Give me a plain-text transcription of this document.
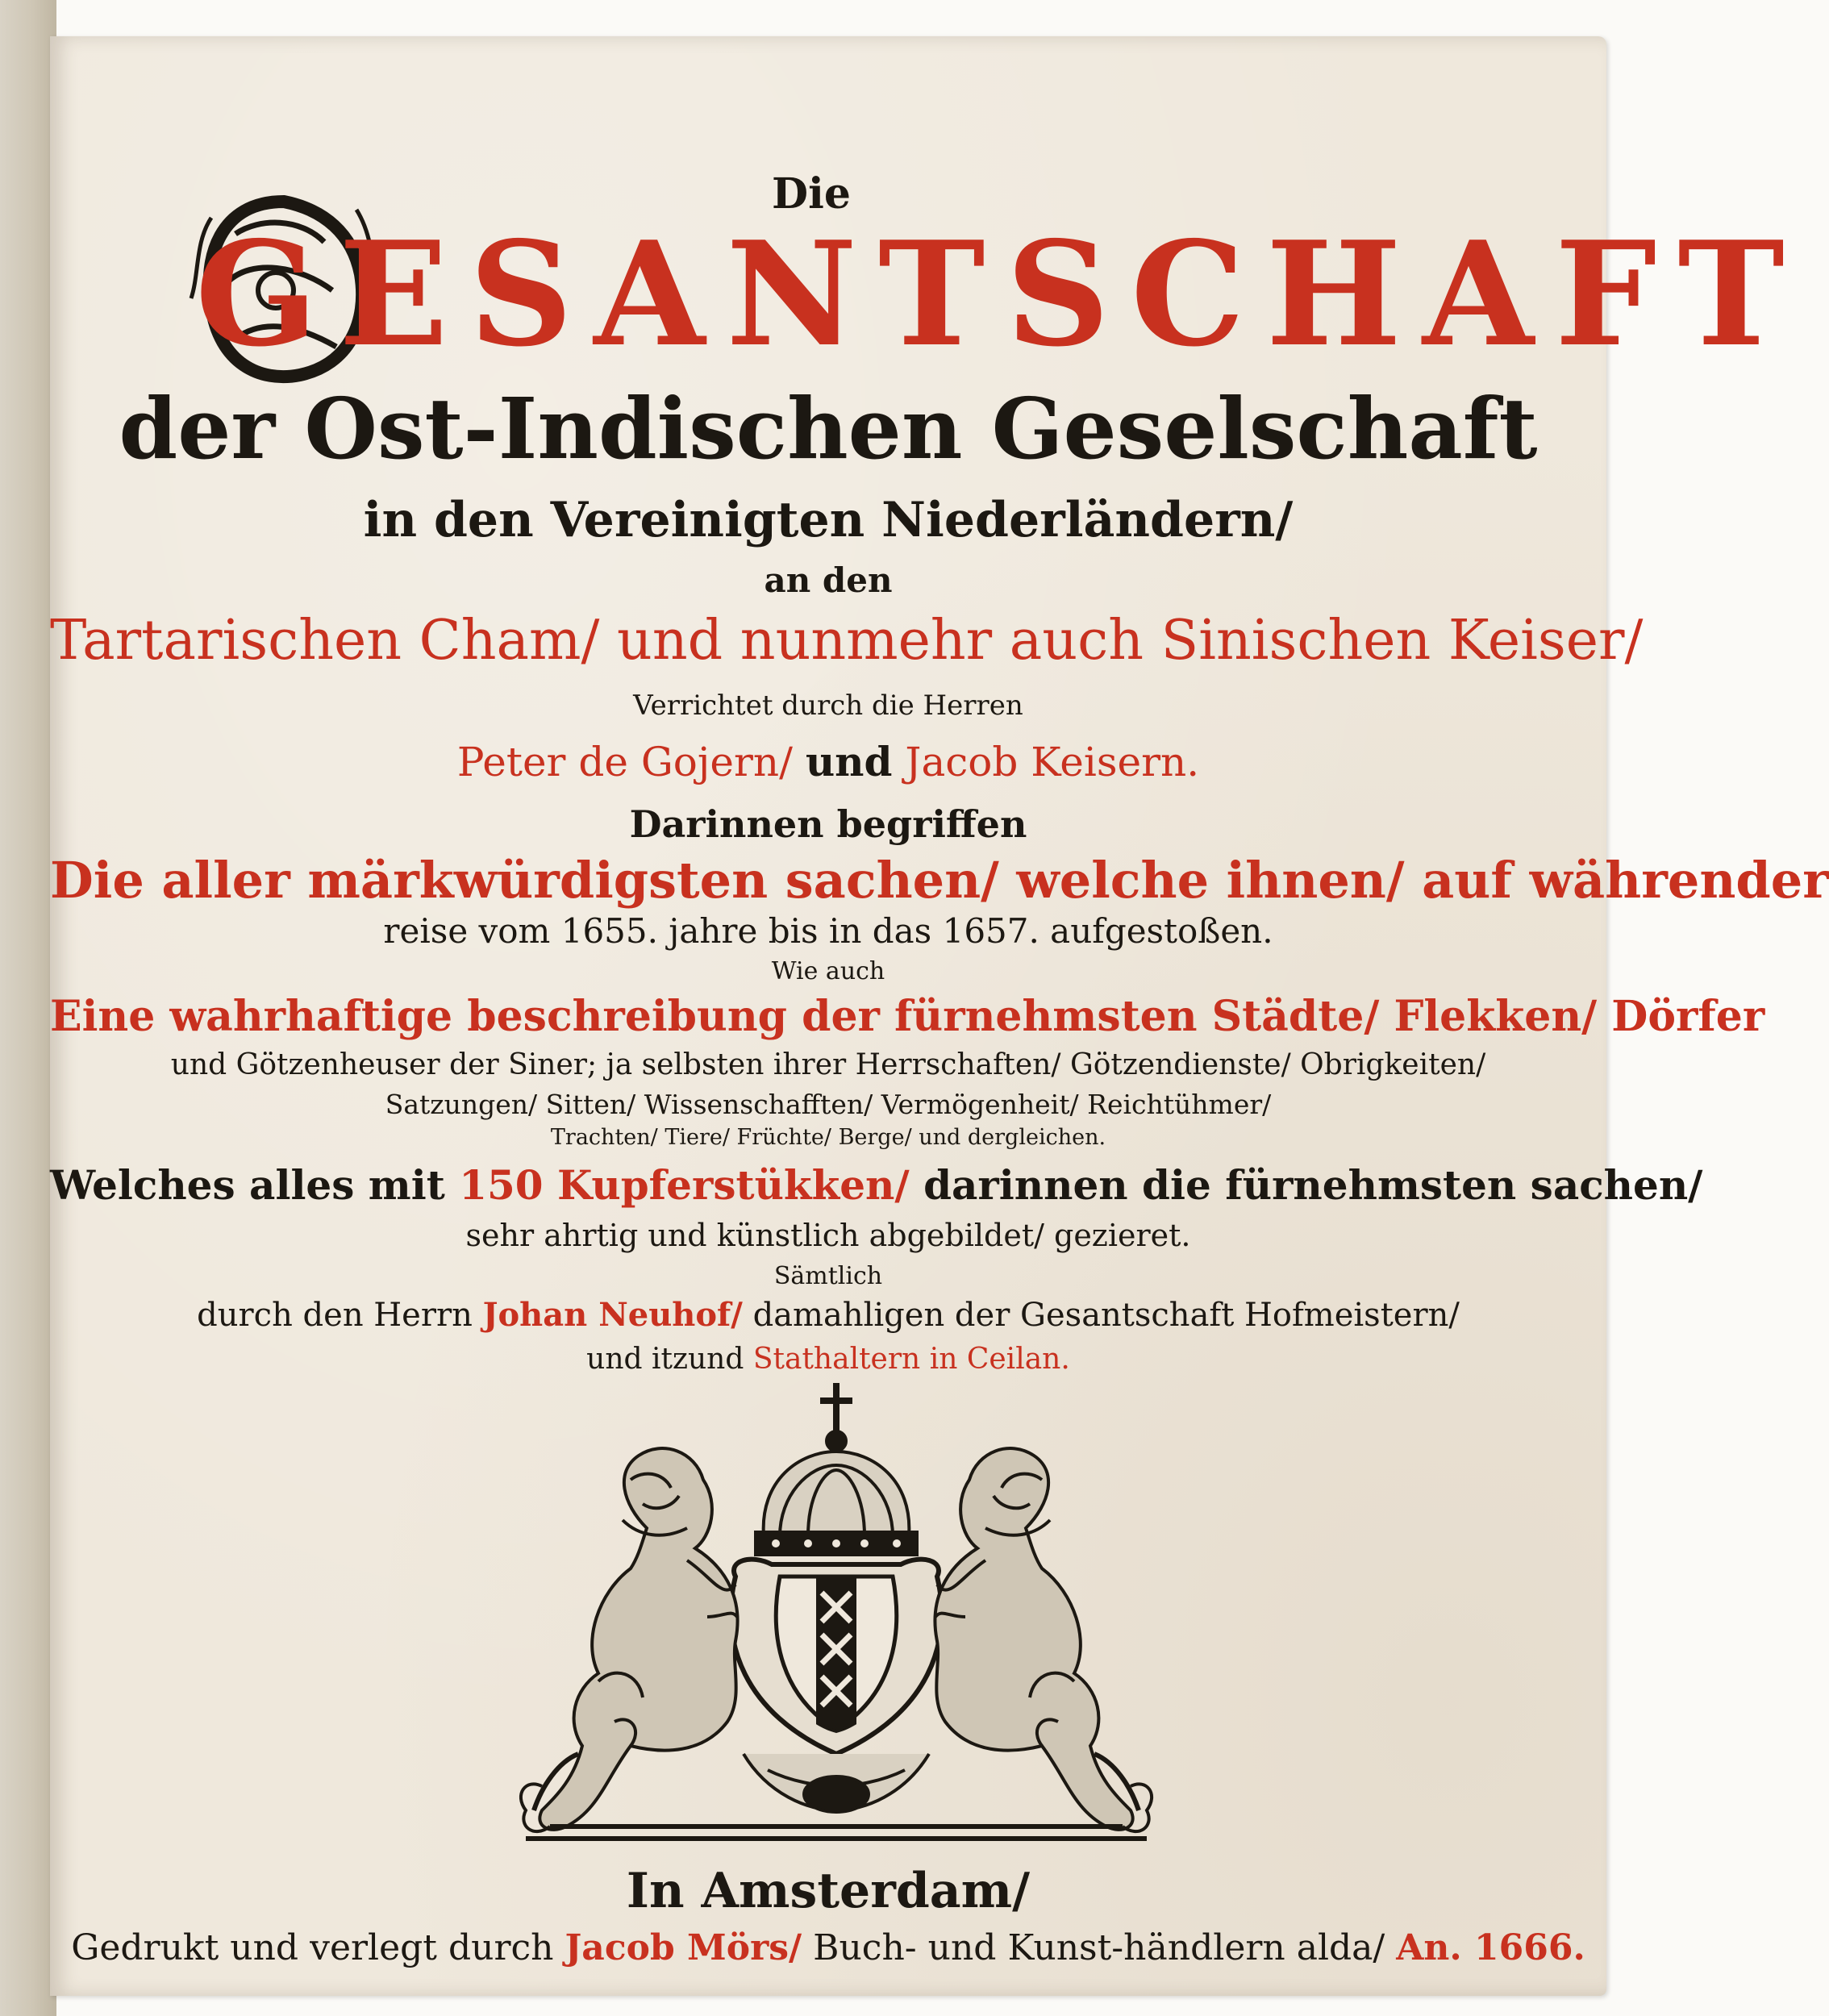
Die
GESANTSCHAFT
der Ost-Indischen Geselschaft
in den Vereinigten Niederländern/
an den
Tartarischen Cham/ und nunmehr auch Sinischen Keiser/
Verrichtet durch die Herren
Peter de Gojern/ und Jacob Keisern.
Darinnen begriffen
Die aller märkwürdigsten sachen/ welche ihnen/ auf währender
reise vom 1655. jahre bis in das 1657. aufgestoßen.
Wie auch
Eine wahrhaftige beschreibung der fürnehmsten Städte/ Flekken/ Dörfer
und Götzenheuser der Siner; ja selbsten ihrer Herrschaften/ Götzendienste/ Obrigkeiten/
Satzungen/ Sitten/ Wissenschafften/ Vermögenheit/ Reichtühmer/
Trachten/ Tiere/ Früchte/ Berge/ und dergleichen.
Welches alles mit 150 Kupferstükken/ darinnen die fürnehmsten sachen/
sehr ahrtig und künstlich abgebildet/ gezieret.
Sämtlich
durch den Herrn Johan Neuhof/ damahligen der Gesantschaft Hofmeistern/
und itzund Stathaltern in Ceilan.
In Amsterdam/
Gedrukt und verlegt durch Jacob Mörs/ Buch- und Kunst-händlern alda/ An. 1666.
